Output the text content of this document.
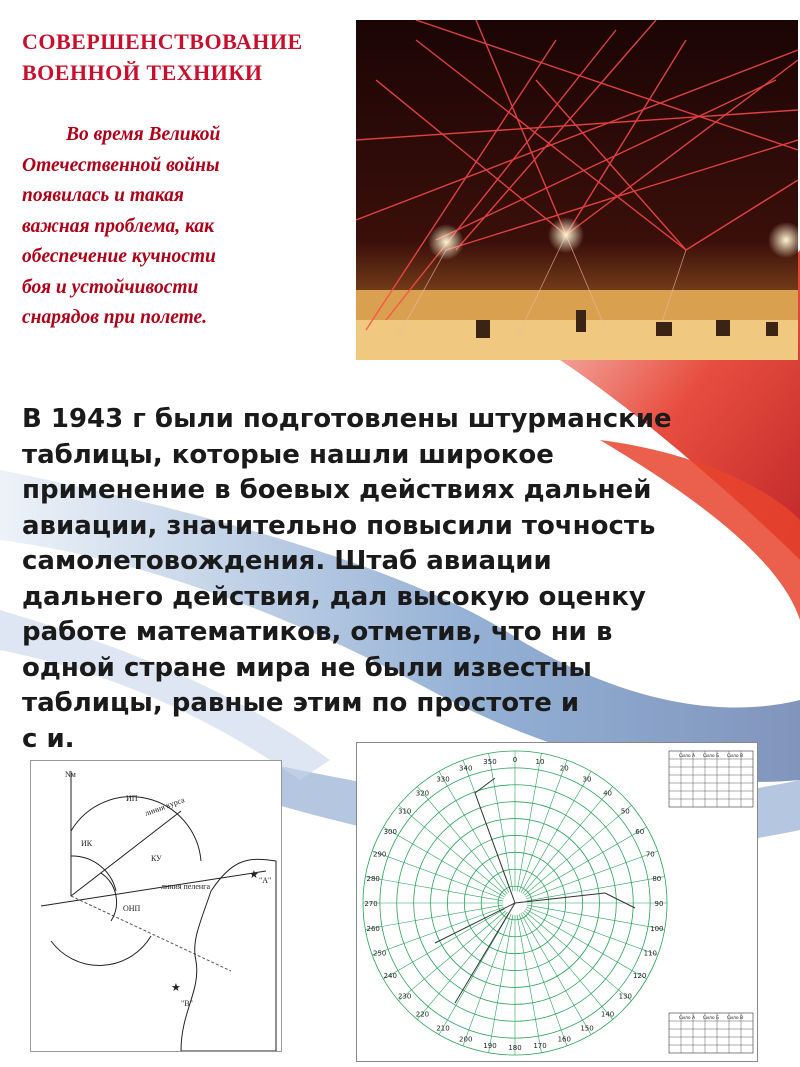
СОВЕРШЕНСТВОВАНИЕ
ВОЕННОЙ ТЕХНИКИ
Во время Великой
Отечественной войны
появилась и такая
важная проблема, как
обеспечение кучности
боя и устойчивости
снарядов при полете.
В 1943 г были подготовлены штурманские
таблицы, которые нашли широкое
применение в боевых действиях дальней
авиации, значительно повысили точность
самолетовождения. Штаб авиации
дальнего действия, дал высокую оценку
работе математиков, отметив, что ни в
одной стране мира не были известны
таблицы, равные этим по простоте и
с и.
Nм
ИП линия курса
ИК
КУ
линия пеленга
ОНП
★ "А"
★
"В"
0	10
20
30
40
50
60
70
80
90
100
110
120
130
140
150
160
170
180
190
200
210
220
230
240
250
260
270
280
290
300
310
320
330
340
350
Сило А Сило Б Сило В
Сило А Сило Б Сило В
